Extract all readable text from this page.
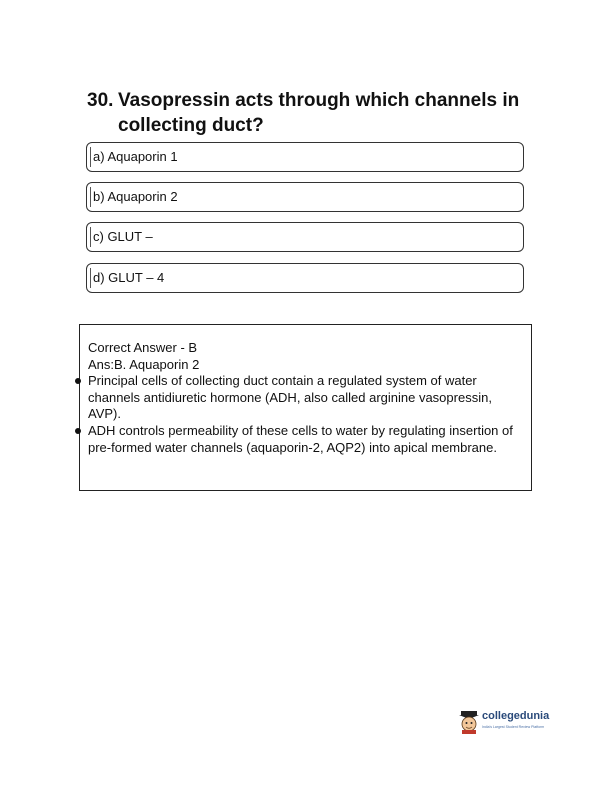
30. Vasopressin acts through which channels in collecting duct?
a) Aquaporin 1
b) Aquaporin 2
c) GLUT –
d) GLUT – 4
Correct Answer - B
Ans:B. Aquaporin 2
Principal cells of collecting duct contain a regulated system of water channels antidiuretic hormone (ADH, also called arginine vasopressin, AVP).
ADH controls permeability of these cells to water by regulating insertion of pre-formed water channels (aquaporin-2, AQP2) into apical membrane.
collegedunia
India's Largest Student Review Platform
